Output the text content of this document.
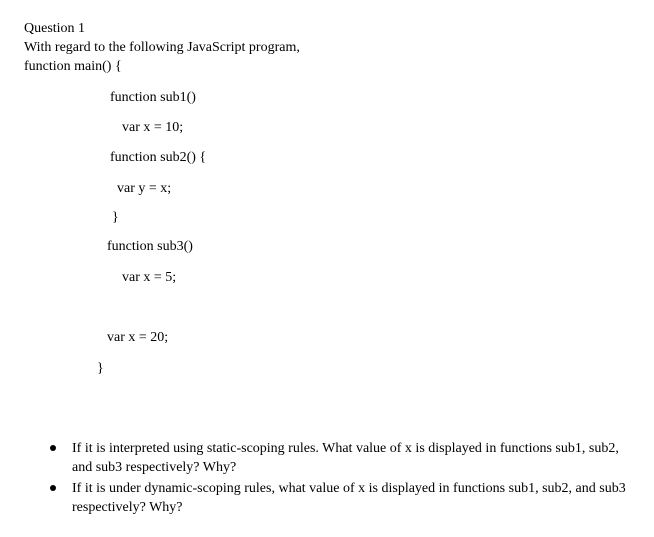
Question 1
With regard to the following JavaScript program,
function main() {
function sub1()
var x = 10;
function sub2() {
var y = x;
}
function sub3()
var x = 5;
var x = 20;
}
If it is interpreted using static-scoping rules. What value of x is displayed in functions sub1, sub2, and sub3 respectively? Why?
If it is under dynamic-scoping rules, what value of x is displayed in functions sub1, sub2, and sub3 respectively? Why?
